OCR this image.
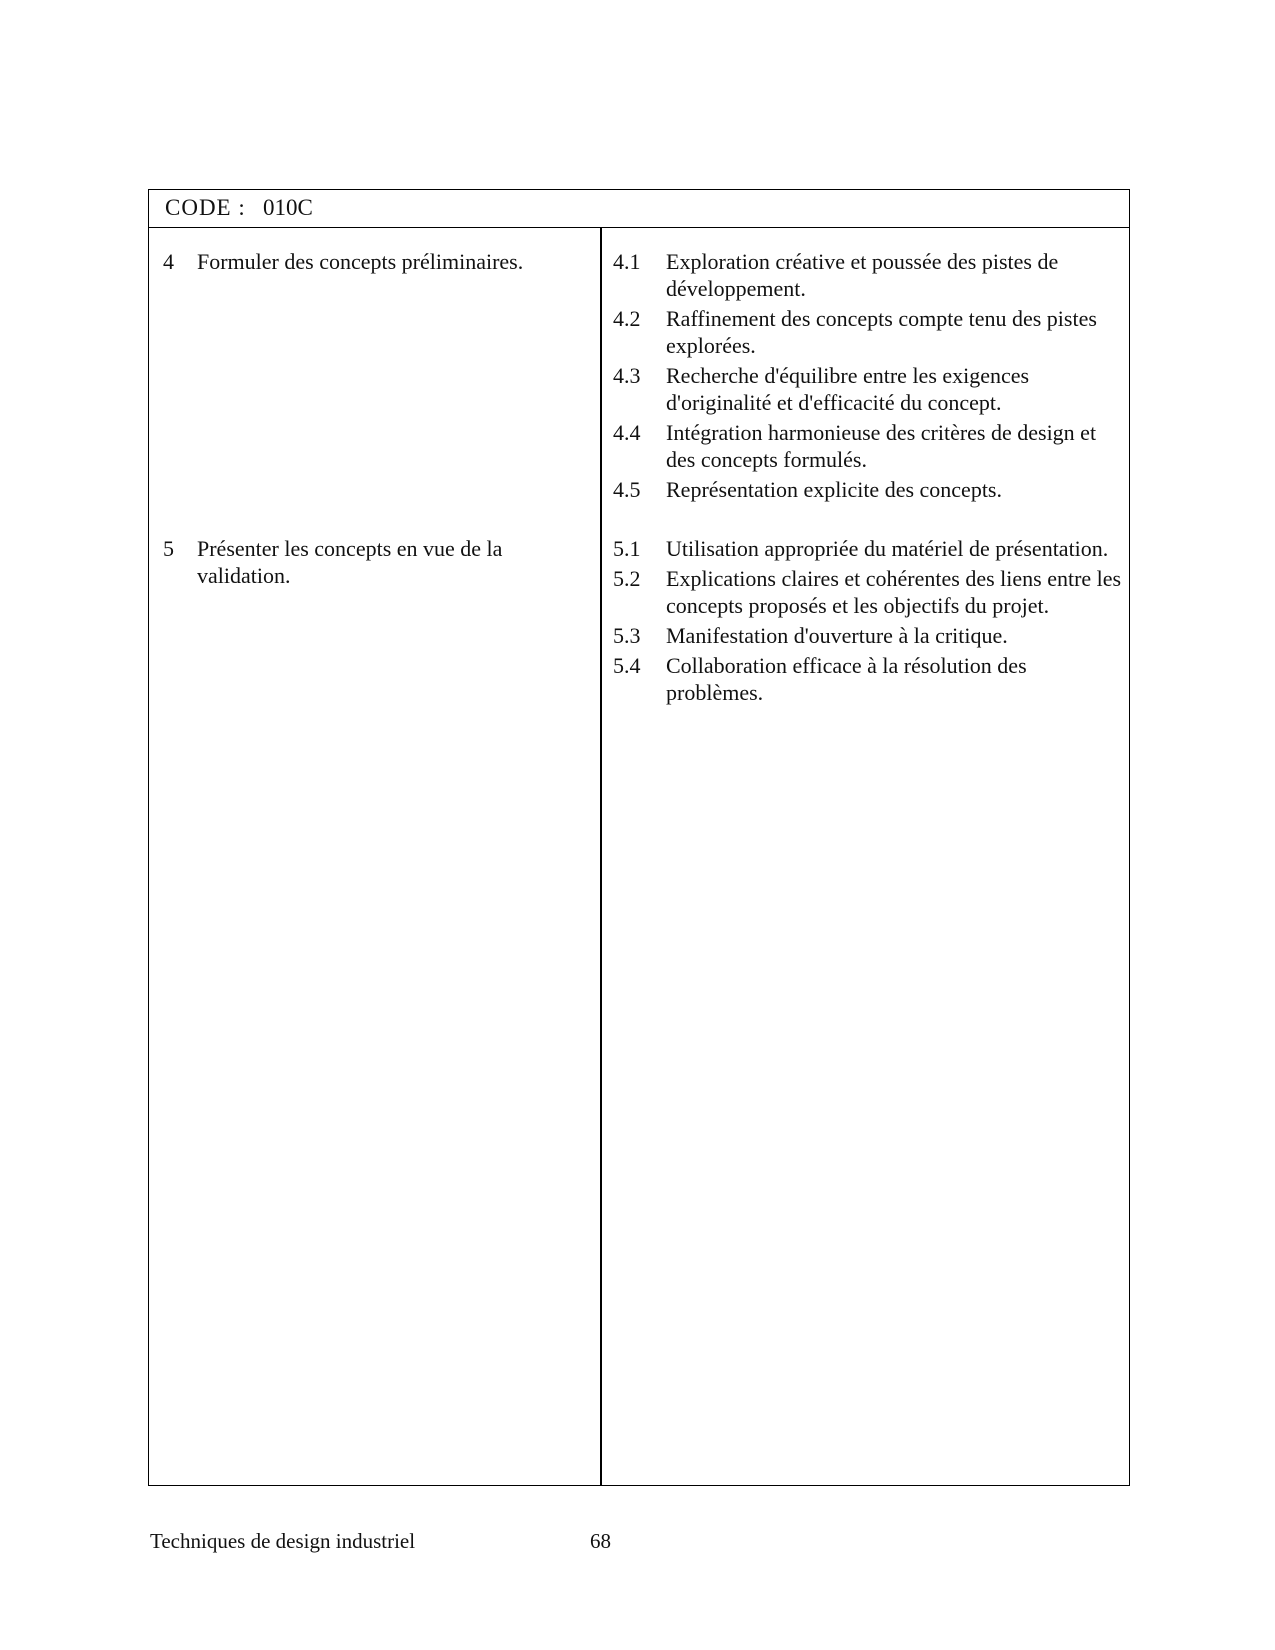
CODE : 010C
4 Formuler des concepts préliminaires.	4.1 Exploration créative et poussée des pistes de développement.
4.2 Raffinement des concepts compte tenu des pistes explorées.
4.3 Recherche d'équilibre entre les exigences d'originalité et d'efficacité du concept.
4.4 Intégration harmonieuse des critères de design et des concepts formulés.
4.5 Représentation explicite des concepts.
5 Présenter les concepts en vue de la validation.
5.1 Utilisation appropriée du matériel de présentation.
5.2 Explications claires et cohérentes des liens entre les concepts proposés et les objectifs du projet.
5.3 Manifestation d'ouverture à la critique.
5.4 Collaboration efficace à la résolution des problèmes.
Techniques de design industriel	68
